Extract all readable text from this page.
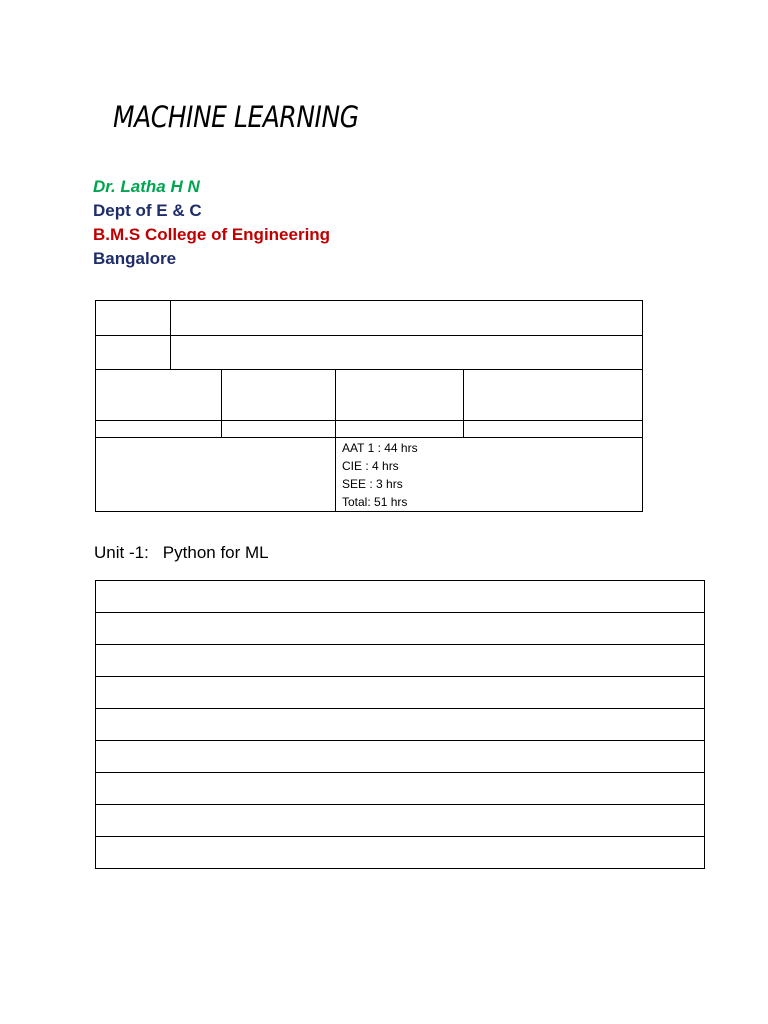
MACHINE LEARNING
Dr. Latha H N
Dept of E & C
B.M.S College of Engineering
Bangalore

			AAT 1 : 44 hrs
CIE : 4 hrs
SEE : 3 hrs
Total: 51 hrs	
Unit -1: Python for ML
